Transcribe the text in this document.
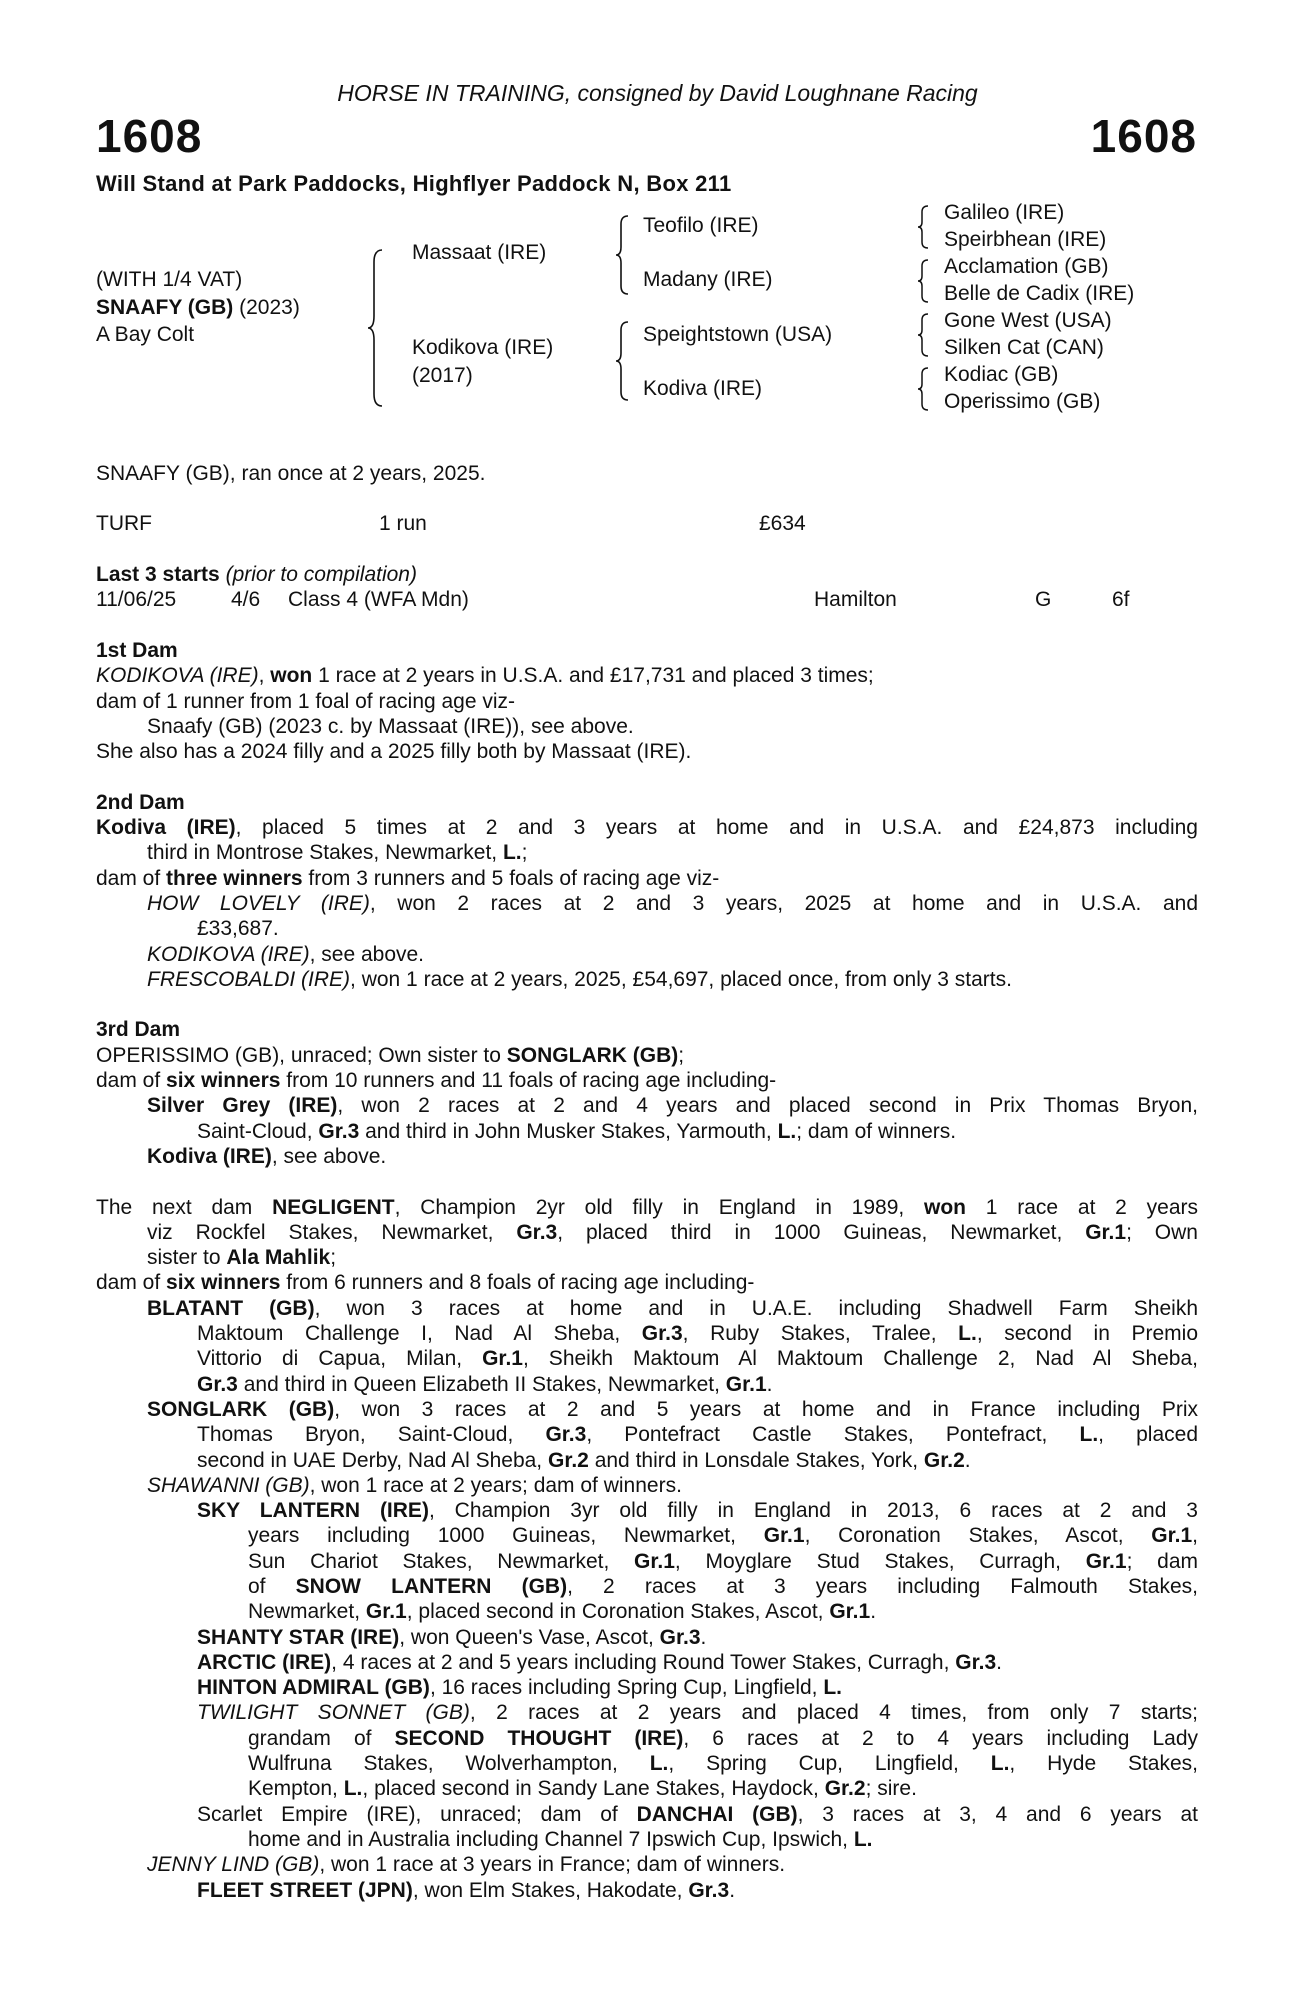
HORSE IN TRAINING, consigned by David Loughnane Racing
1608	1608
Will Stand at Park Paddocks, Highflyer Paddock N, Box 211
(WITH 1/4 VAT)
SNAAFY (GB) (2023)
A Bay Colt
Massaat (IRE)
Kodikova (IRE)
(2017)
Teofilo (IRE)
Madany (IRE)
Speightstown (USA)
Kodiva (IRE)
Galileo (IRE)
Speirbhean (IRE)
Acclamation (GB)
Belle de Cadix (IRE)
Gone West (USA)
Silken Cat (CAN)
Kodiac (GB)
Operissimo (GB)
SNAAFY (GB), ran once at 2 years, 2025.
TURF	1 run	£634
Last 3 starts (prior to compilation)
11/06/25	4/6 Class 4 (WFA Mdn)	Hamilton	G	6f
1st Dam
KODIKOVA (IRE), won 1 race at 2 years in U.S.A. and £17,731 and placed 3 times;
dam of 1 runner from 1 foal of racing age viz-
Snaafy (GB) (2023 c. by Massaat (IRE)), see above.
She also has a 2024 filly and a 2025 filly both by Massaat (IRE).
2nd Dam
Kodiva (IRE), placed 5 times at 2 and 3 years at home and in U.S.A. and £24,873 including
third in Montrose Stakes, Newmarket, L.;
dam of three winners from 3 runners and 5 foals of racing age viz-
HOW LOVELY (IRE), won 2 races at 2 and 3 years, 2025 at home and in U.S.A. and
£33,687.
KODIKOVA (IRE), see above.
FRESCOBALDI (IRE), won 1 race at 2 years, 2025, £54,697, placed once, from only 3 starts.
3rd Dam
OPERISSIMO (GB), unraced; Own sister to SONGLARK (GB);
dam of six winners from 10 runners and 11 foals of racing age including-
Silver Grey (IRE), won 2 races at 2 and 4 years and placed second in Prix Thomas Bryon,
Saint-Cloud, Gr.3 and third in John Musker Stakes, Yarmouth, L.; dam of winners.
Kodiva (IRE), see above.
The next dam NEGLIGENT, Champion 2yr old filly in England in 1989, won 1 race at 2 years
viz Rockfel Stakes, Newmarket, Gr.3, placed third in 1000 Guineas, Newmarket, Gr.1; Own
sister to Ala Mahlik;
dam of six winners from 6 runners and 8 foals of racing age including-
BLATANT (GB), won 3 races at home and in U.A.E. including Shadwell Farm Sheikh
Maktoum Challenge I, Nad Al Sheba, Gr.3, Ruby Stakes, Tralee, L., second in Premio
Vittorio di Capua, Milan, Gr.1, Sheikh Maktoum Al Maktoum Challenge 2, Nad Al Sheba,
Gr.3 and third in Queen Elizabeth II Stakes, Newmarket, Gr.1.
SONGLARK (GB), won 3 races at 2 and 5 years at home and in France including Prix
Thomas Bryon, Saint-Cloud, Gr.3, Pontefract Castle Stakes, Pontefract, L., placed
second in UAE Derby, Nad Al Sheba, Gr.2 and third in Lonsdale Stakes, York, Gr.2.
SHAWANNI (GB), won 1 race at 2 years; dam of winners.
SKY LANTERN (IRE), Champion 3yr old filly in England in 2013, 6 races at 2 and 3
years including 1000 Guineas, Newmarket, Gr.1, Coronation Stakes, Ascot, Gr.1,
Sun Chariot Stakes, Newmarket, Gr.1, Moyglare Stud Stakes, Curragh, Gr.1; dam
of SNOW LANTERN (GB), 2 races at 3 years including Falmouth Stakes,
Newmarket, Gr.1, placed second in Coronation Stakes, Ascot, Gr.1.
SHANTY STAR (IRE), won Queen's Vase, Ascot, Gr.3.
ARCTIC (IRE), 4 races at 2 and 5 years including Round Tower Stakes, Curragh, Gr.3.
HINTON ADMIRAL (GB), 16 races including Spring Cup, Lingfield, L.
TWILIGHT SONNET (GB), 2 races at 2 years and placed 4 times, from only 7 starts;
grandam of SECOND THOUGHT (IRE), 6 races at 2 to 4 years including Lady
Wulfruna Stakes, Wolverhampton, L., Spring Cup, Lingfield, L., Hyde Stakes,
Kempton, L., placed second in Sandy Lane Stakes, Haydock, Gr.2; sire.
Scarlet Empire (IRE), unraced; dam of DANCHAI (GB), 3 races at 3, 4 and 6 years at
home and in Australia including Channel 7 Ipswich Cup, Ipswich, L.
JENNY LIND (GB), won 1 race at 3 years in France; dam of winners.
FLEET STREET (JPN), won Elm Stakes, Hakodate, Gr.3.
